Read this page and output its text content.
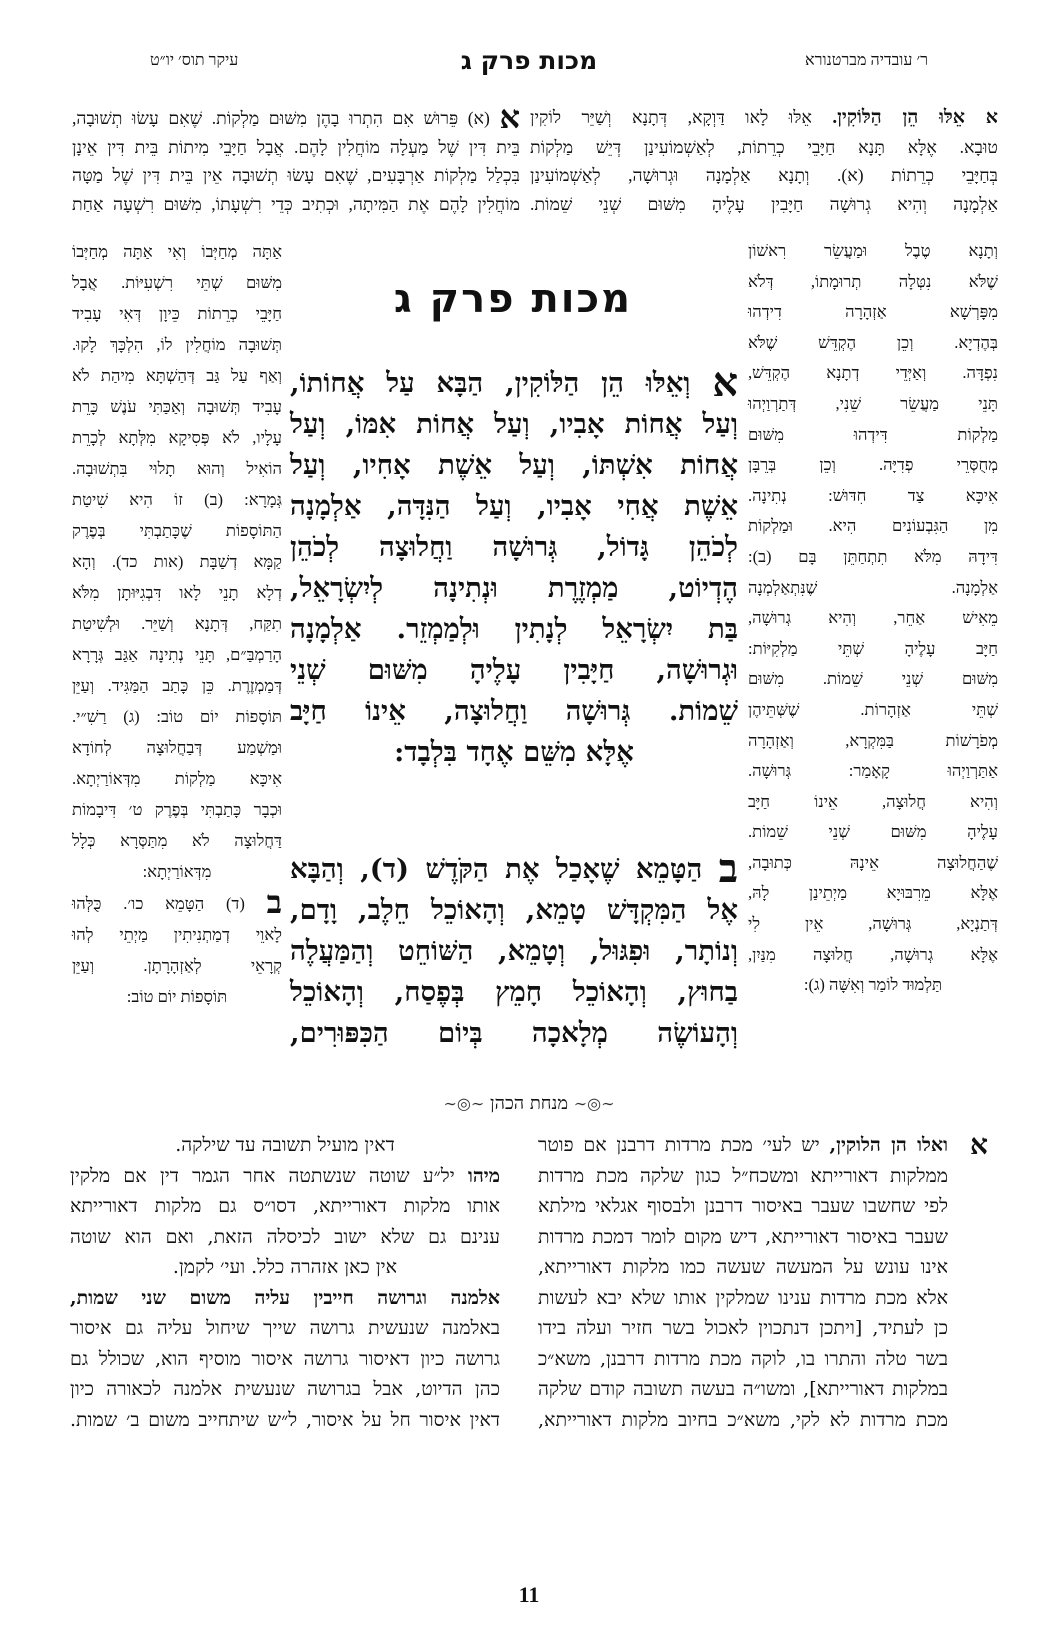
ר׳ עובדיה מברטנורא
מכות פרק ג
עיקר תוס׳ יו״ט
א אֵלּוּ הֵן הַלּוֹקִין. אֵלּוּ לָאו דַּוְקָא, דְּתָנָא וְשַׁיֵּר לוֹקִין
טוּבָא. אֶלָּא תָּנָא חַיָּבֵי כְרֵתוֹת, לְאַשְׁמוֹעִינַן דְּיֵשׁ מַלְקוֹת
בְּחַיָּבֵי כְרֵתוֹת (א). וְתָנָא אַלְמָנָה וּגְרוּשָׁה, לְאַשְׁמוֹעִינַן
אַלְמָנָה וְהִיא גְרוּשָׁה חַיָּבִין עָלֶיהָ מִשּׁוּם שְׁנֵי שֵׁמוֹת.
א (א) פֵּרוּשׁ אִם הִתְרוּ בָהֶן מִשּׁוּם מַלְקוֹת. שֶׁאִם עָשׂוּ תְשׁוּבָה,
בֵּית דִּין שֶׁל מַעְלָה מוֹחֲלִין לָהֶם. אֲבָל חַיָּבֵי מִיתוֹת בֵּית דִּין אֵינָן
בִּכְלַל מַלְקוֹת אַרְבָּעִים, שֶׁאִם עָשׂוּ תְשׁוּבָה אֵין בֵּית דִּין שֶׁל מַטָּה
מוֹחֲלִין לָהֶם אֶת הַמִּיתָה, וּכְתִיב כְּדֵי רִשְׁעָתוֹ, מִשּׁוּם רִשְׁעָה אַחַת
מכות פרק ג
א וְאֵלּוּ הֵן הַלּוֹקִין, הַבָּא עַל אֲחוֹתוֹ,
וְעַל אֲחוֹת אָבִיו, וְעַל אֲחוֹת אִמּוֹ, וְעַל
אֲחוֹת אִשְׁתּוֹ, וְעַל אֵשֶׁת אָחִיו, וְעַל
אֵשֶׁת אֲחִי אָבִיו, וְעַל הַנִּדָּה, אַלְמָנָה
לְכֹהֵן גָּדוֹל, גְּרוּשָׁה וַחֲלוּצָה לְכֹהֵן
הֶדְיוֹט, מַמְזֶרֶת וּנְתִינָה לְיִשְׂרָאֵל,
בַּת יִשְׂרָאֵל לְנָתִין וּלְמַמְזֵר. אַלְמָנָה
וּגְרוּשָׁה, חַיָּבִין עָלֶיהָ מִשּׁוּם שְׁנֵי
שֵׁמוֹת. גְּרוּשָׁה וַחֲלוּצָה, אֵינוֹ חַיָּב
אֶלָּא מִשֵּׁם אֶחָד בִּלְבָד:
ב הַטָּמֵא שֶׁאָכַל אֶת הַקֹּדֶשׁ (ד), וְהַבָּא
אֶל הַמִּקְדָּשׁ טָמֵא, וְהָאוֹכֵל חֵלֶב, וָדָם,
וְנוֹתָר, וּפִגּוּל, וְטָמֵא, הַשּׁוֹחֵט וְהַמַּעֲלֶה
בַחוּץ, וְהָאוֹכֵל חָמֵץ בְּפֶסַח, וְהָאוֹכֵל
וְהָעוֹשֶׂה מְלָאכָה בְּיוֹם הַכִּפּוּרִים,
וְתָנָא טֶבֶל וּמַעֲשֵׂר רִאשׁוֹן
שֶׁלֹּא נִטְּלָה תְרוּמָתוֹ, דְּלֹא
מִפָּרְשָׁא אַזְהָרָה דִידְהוּ
בְּהֶדְיָא. וְכֵן הֶקְדֵּשׁ שֶׁלֹּא
נִפְדָּה. וְאַיְּדֵי דְתָנָא הֶקְדֵּשׁ,
תָּנֵי מַעֲשֵׂר שֵׁנִי, דְּתַרְוַיְהוּ
מַלְקוֹת דִּידְהוּ מִשּׁוּם
מְחֻסְּרֵי פְדִיָּה. וְכֵן בְּרֵבָּן
אִיכָּא צַד חִדּוּשׁ: נְתִינָה.
מִן הַגִּבְעוֹנִים הִיא. וּמַלְקוֹת
דִּידָהּ מִלֹּא תִתְחַתֵּן בָּם (ב):
אַלְמָנָה. שֶׁנִּתְאַלְמְנָה
מֵאִישׁ אַחֵר, וְהִיא גְרוּשָׁה,
חַיָּב עָלֶיהָ שְׁתֵּי מַלְקִיּוֹת:
מִשּׁוּם שְׁנֵי שֵׁמוֹת. מִשּׁוּם
שְׁתֵּי אַזְהָרוֹת. שֶׁשְּׁתֵּיהֶן
מְפֹרָשׁוֹת בַּמִּקְרָא, וְאַזְהָרָה
אַתַּרְוַיְהוּ קָאָמַר: גְּרוּשָׁה.
וְהִיא חֲלוּצָה, אֵינוֹ חַיָּב
עָלֶיהָ מִשּׁוּם שְׁנֵי שֵׁמוֹת.
שֶׁהַחֲלוּצָה אֵינָהּ כְּתוּבָה,
אֶלָּא מֵרִבּוּיָא מַיְתֵינַן לָהּ,
דְּתַנְיָא, גְּרוּשָׁה, אֵין לִי
אֶלָּא גְרוּשָׁה, חֲלוּצָה מִנַּיִן,
תַּלְמוּד לוֹמַר וְאִשָּׁה (ג):
אַתָּה מְחַיְּבוֹ וְאִי אַתָּה מְחַיְּבוֹ
מִשּׁוּם שְׁתֵּי רִשְׁעִיּוֹת. אֲבָל
חַיָּבֵי כְרֵתוֹת כֵּיוָן דְּאִי עָבִיד
תְּשׁוּבָה מוֹחֲלִין לוֹ, הִלְכָּךְ לָקוּ.
וְאַף עַל גַּב דְּהַשְׁתָּא מִיהַת לֹא
עָבִיד תְּשׁוּבָה וְאַכַּתִּי עֹנֶשׁ כָּרֵת
עָלָיו, לֹא פְּסִיקָא מִלְּתָא לְכָרֵת
הוֹאִיל וְהוּא תָלוּי בִּתְשׁוּבָה.
גְּמָרָא: (ב) זוֹ הִיא שִׁיטַת
הַתּוֹסָפוֹת שֶׁכָּתַבְתִּי בְּפֶרֶק
קַמָּא דְשַׁבָּת (אות כד). וְהָא
דְלָא תָנֵי לָאו דִּבְגִיּוּתָן מִלֹּא
תִקַּח, דְּתָנָא וְשַׁיֵּר. וּלְשִׁיטַת
הָרַמְבַּ״ם, תָּנֵי נְתִינָה אַגַּב גְּרָרָא
דְּמַמְזֶרֶת. כֵּן כָּתַב הַמַּגִּיד. וְעַיֵּן
תּוֹסָפוֹת יוֹם טוֹב: (ג) רַשִׁ״י.
וּמַשְׁמַע דְּבַחֲלוּצָה לְחוֹדָא
אִיכָּא מַלְקוֹת מִדְּאוֹרַיְתָא.
וּכְבָר כָּתַבְתִּי בְּפֶרֶק ט׳ דִּיבָמוֹת
דַּחֲלוּצָה לֹא מִתַּסְּרָא כְּלָל
מִדְּאוֹרַיְתָא:
ב (ד) הַטָּמֵא כו׳. כֻּלְּהוּ
לָאוֵי דְמַתְנִיתִין מַיְתֵי לְהוּ
קְרָאֵי לְאַזְהָרָתָן. וְעַיֵּן
תּוֹסָפוֹת יוֹם טוֹב:
∽◎∽ מנחת הכהן ∽◎∽
א
ואלו הן הלוקין, יש לעי׳ מכת מרדות דרבנן אם פוטר
ממלקות דאורייתא ומשכח״ל כגון שלקה מכת מרדות
לפי שחשבו שעבר באיסור דרבנן ולבסוף אגלאי מילתא
שעבר באיסור דאורייתא, דיש מקום לומר דמכת מרדות
אינו עונש על המעשה שעשה כמו מלקות דאורייתא,
אלא מכת מרדות ענינו שמלקין אותו שלא יבא לעשות
כן לעתיד, [ויתכן דנתכוין לאכול בשר חזיר ועלה בידו
בשר טלה והתרו בו, לוקה מכת מרדות דרבנן, משא״כ
במלקות דאורייתא], ומשו״ה בעשה תשובה קודם שלקה
מכת מרדות לא לקי, משא״כ בחיוב מלקות דאורייתא,
דאין מועיל תשובה עד שילקה.
מיהו יל״ע שוטה שנשתטה אחר הגמר דין אם מלקין
אותו מלקות דאורייתא, דסו״ס גם מלקות דאורייתא
ענינם גם שלא ישוב לכיסלה הזאת, ואם הוא שוטה
אין כאן אזהרה כלל. ועי׳ לקמן.
אלמנה וגרושה חייבין עליה משום שני שמות,
באלמנה שנעשית גרושה שייך שיחול עליה גם איסור
גרושה כיון דאיסור גרושה איסור מוסיף הוא, שכולל גם
כהן הדיוט, אבל בגרושה שנעשית אלמנה לכאורה כיון
דאין איסור חל על איסור, ל״ש שיתחייב משום ב׳ שמות.
11
